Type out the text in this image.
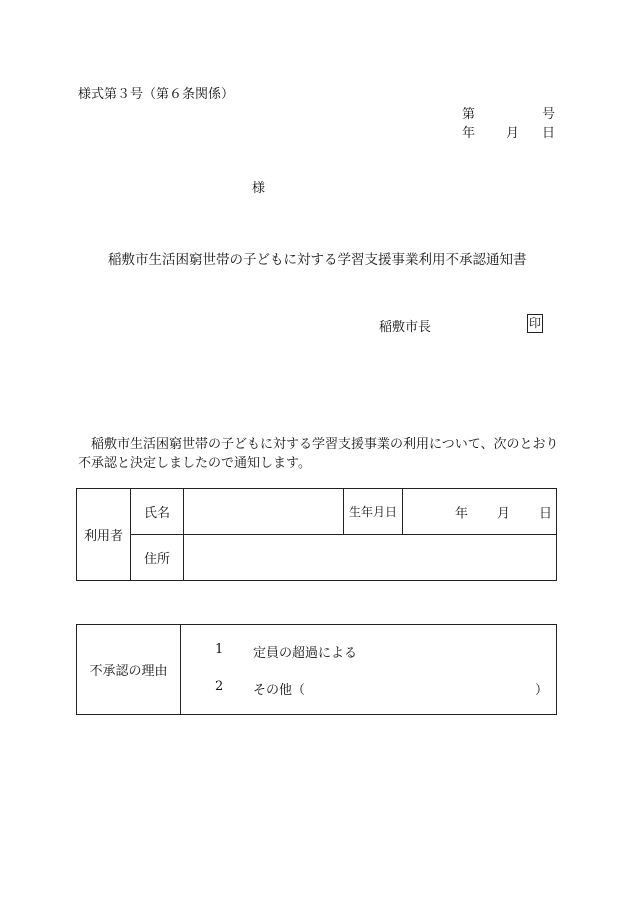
様式第３号（第６条関係）
第	号
年 月 日
様
稲敷市生活困窮世帯の子どもに対する学習支援事業利用不承認通知書
稲敷市長	印
稲敷市生活困窮世帯の子どもに対する学習支援事業の利用について、次のとおり不承認と決定しましたので通知します。
利用者	氏名		生年月日	年 月 日

	住所			
不承認の理由	
1 定員の超過による
2 その他（	）
